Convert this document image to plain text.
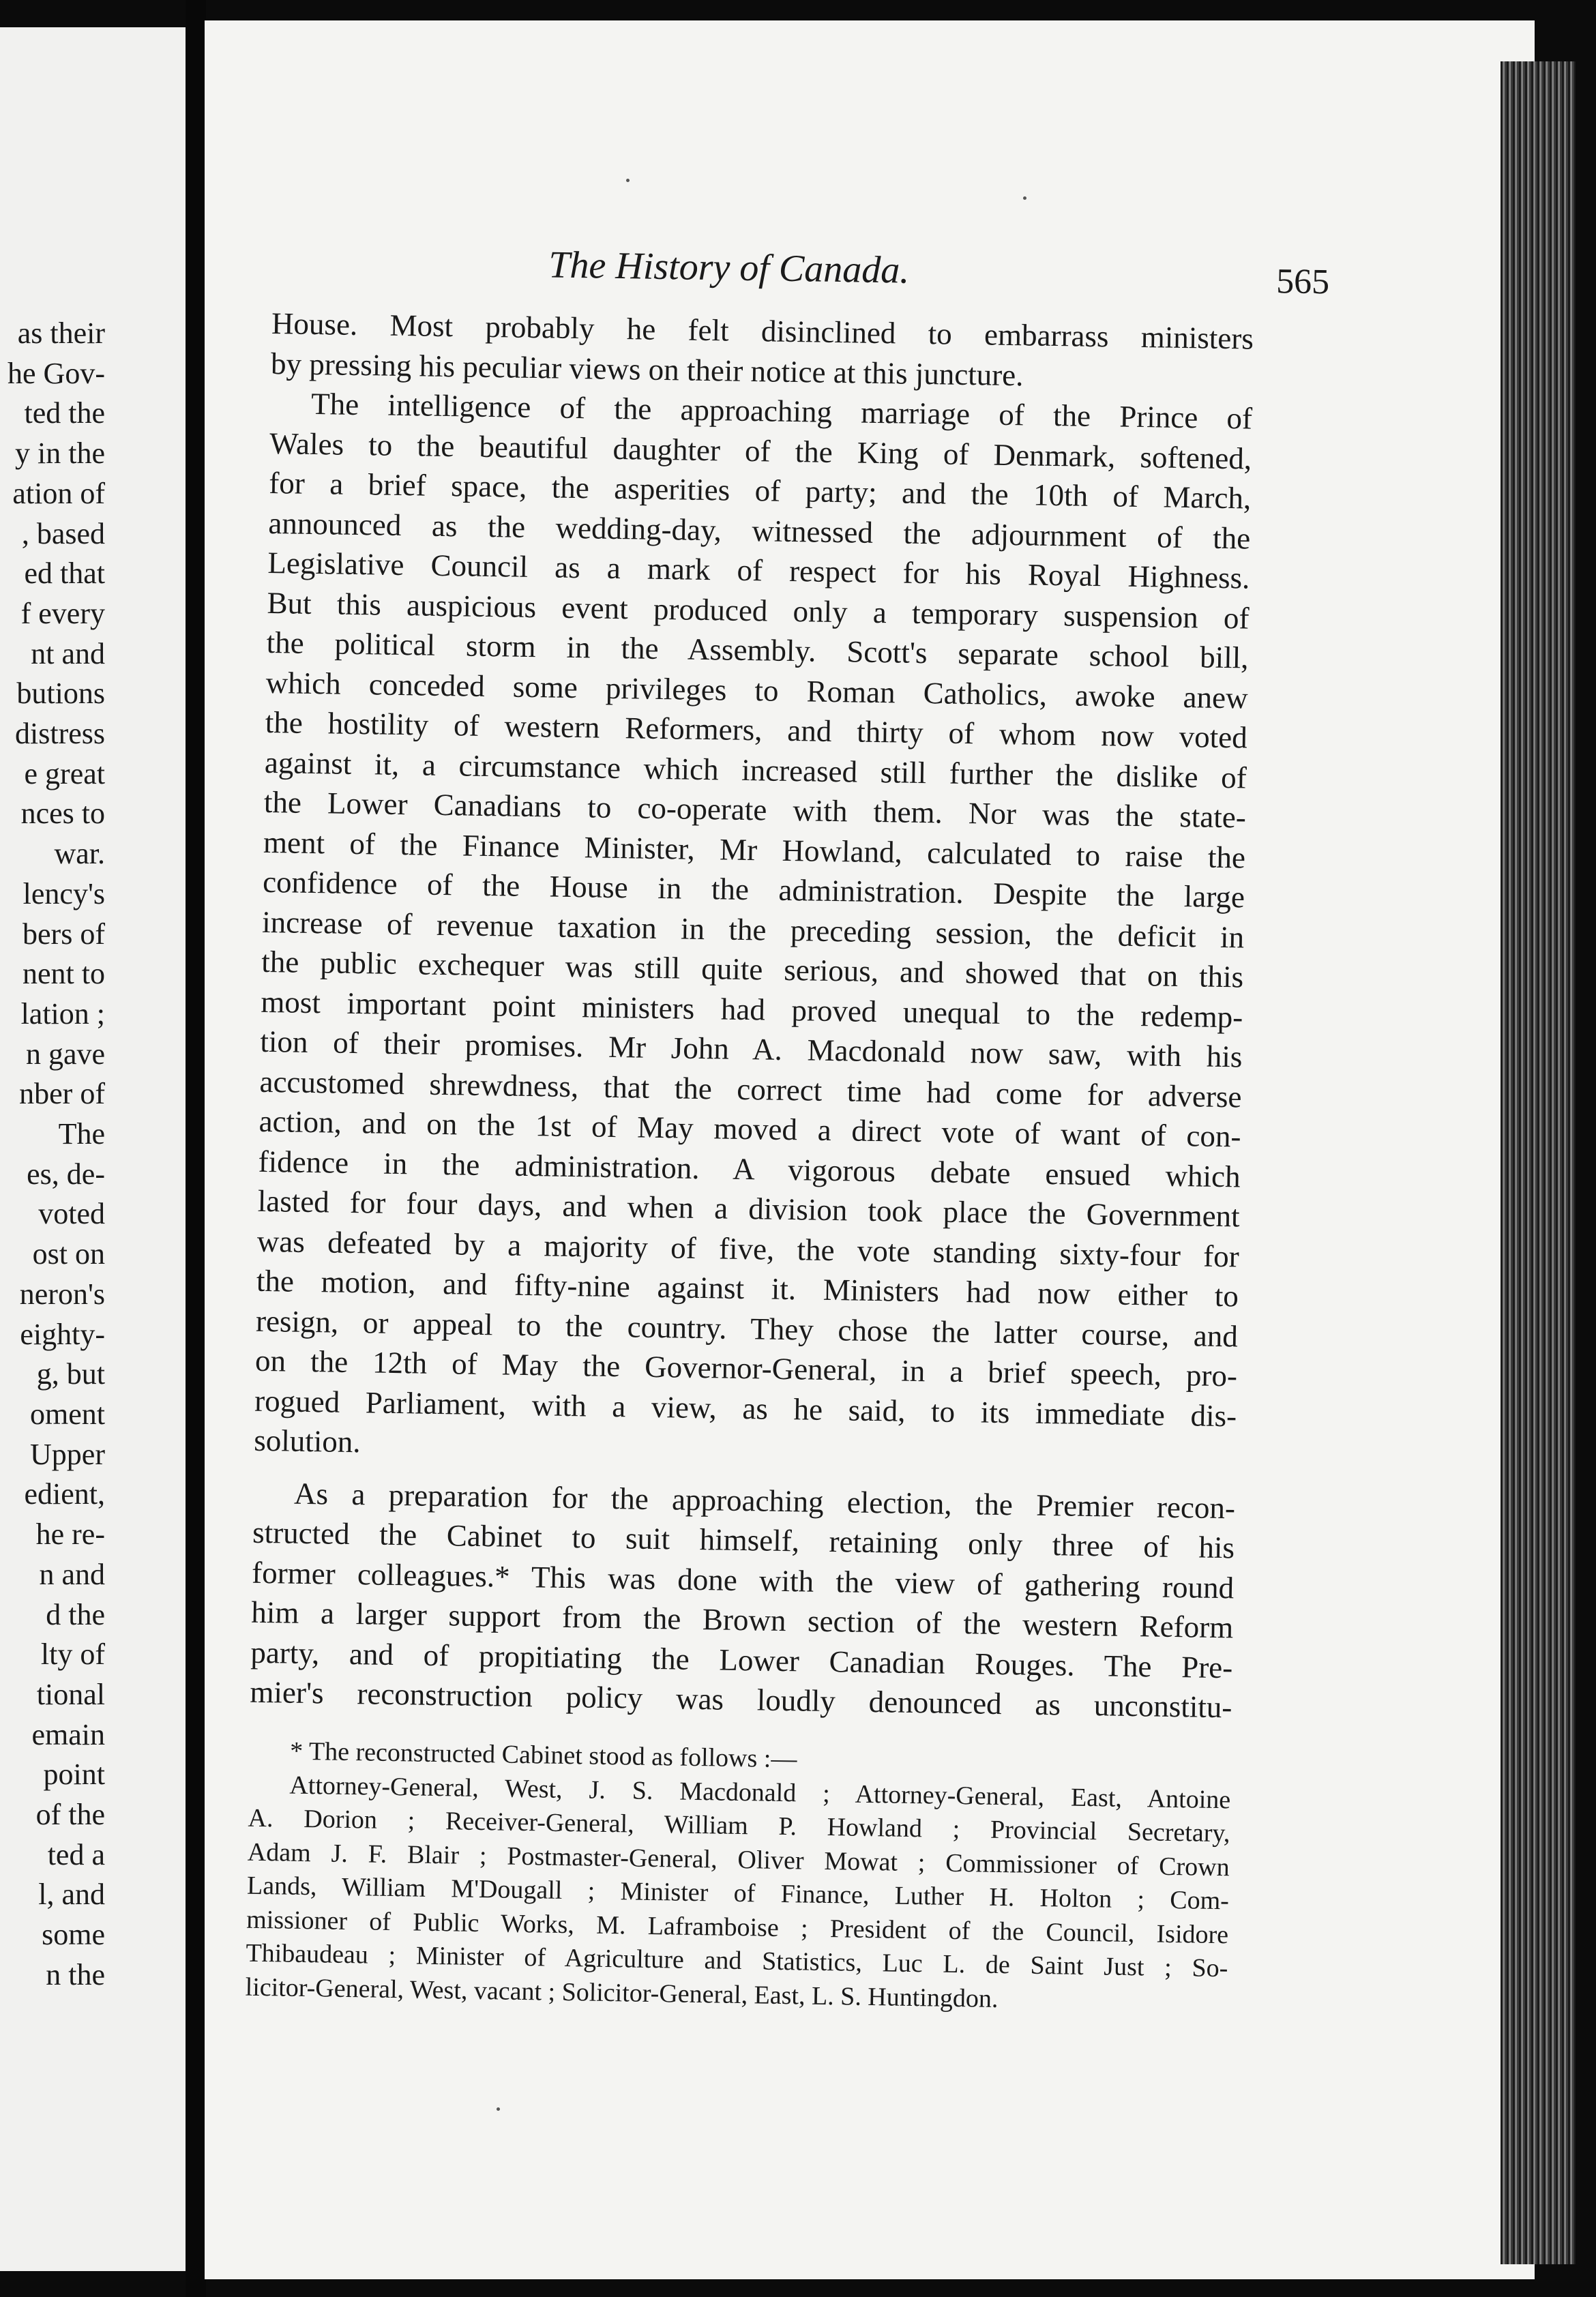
as their
he Gov-
ted the
y in the
ation of
, based
ed that
f every
nt and
butions
distress
e great
nces to
war.
lency's
bers of
nent to
lation ;
n gave
nber of
The
es, de-
voted
ost on
neron's
eighty-
g, but
oment
Upper
edient,
he re-
n and
d the
lty of
tional
emain
point
of the
ted a
l, and
some
n the
The History of Canada.	565
House. Most probably he felt disinclined to embarrass ministers
by pressing his peculiar views on their notice at this juncture.
The intelligence of the approaching marriage of the Prince of
Wales to the beautiful daughter of the King of Denmark, softened,
for a brief space, the asperities of party; and the 10th of March,
announced as the wedding-day, witnessed the adjournment of the
Legislative Council as a mark of respect for his Royal Highness.
But this auspicious event produced only a temporary suspension of
the political storm in the Assembly. Scott's separate school bill,
which conceded some privileges to Roman Catholics, awoke anew
the hostility of western Reformers, and thirty of whom now voted
against it, a circumstance which increased still further the dislike of
the Lower Canadians to co-operate with them. Nor was the state-
ment of the Finance Minister, Mr Howland, calculated to raise the
confidence of the House in the administration. Despite the large
increase of revenue taxation in the preceding session, the deficit in
the public exchequer was still quite serious, and showed that on this
most important point ministers had proved unequal to the redemp-
tion of their promises. Mr John A. Macdonald now saw, with his
accustomed shrewdness, that the correct time had come for adverse
action, and on the 1st of May moved a direct vote of want of con-
fidence in the administration. A vigorous debate ensued which
lasted for four days, and when a division took place the Government
was defeated by a majority of five, the vote standing sixty-four for
the motion, and fifty-nine against it. Ministers had now either to
resign, or appeal to the country. They chose the latter course, and
on the 12th of May the Governor-General, in a brief speech, pro-
rogued Parliament, with a view, as he said, to its immediate dis-
solution.
As a preparation for the approaching election, the Premier recon-
structed the Cabinet to suit himself, retaining only three of his
former colleagues.* This was done with the view of gathering round
him a larger support from the Brown section of the western Reform
party, and of propitiating the Lower Canadian Rouges. The Pre-
mier's reconstruction policy was loudly denounced as unconstitu-
* The reconstructed Cabinet stood as follows :—
Attorney-General, West, J. S. Macdonald ; Attorney-General, East, Antoine
A. Dorion ; Receiver-General, William P. Howland ; Provincial Secretary,
Adam J. F. Blair ; Postmaster-General, Oliver Mowat ; Commissioner of Crown
Lands, William M'Dougall ; Minister of Finance, Luther H. Holton ; Com-
missioner of Public Works, M. Laframboise ; President of the Council, Isidore
Thibaudeau ; Minister of Agriculture and Statistics, Luc L. de Saint Just ; So-
licitor-General, West, vacant ; Solicitor-General, East, L. S. Huntingdon.
